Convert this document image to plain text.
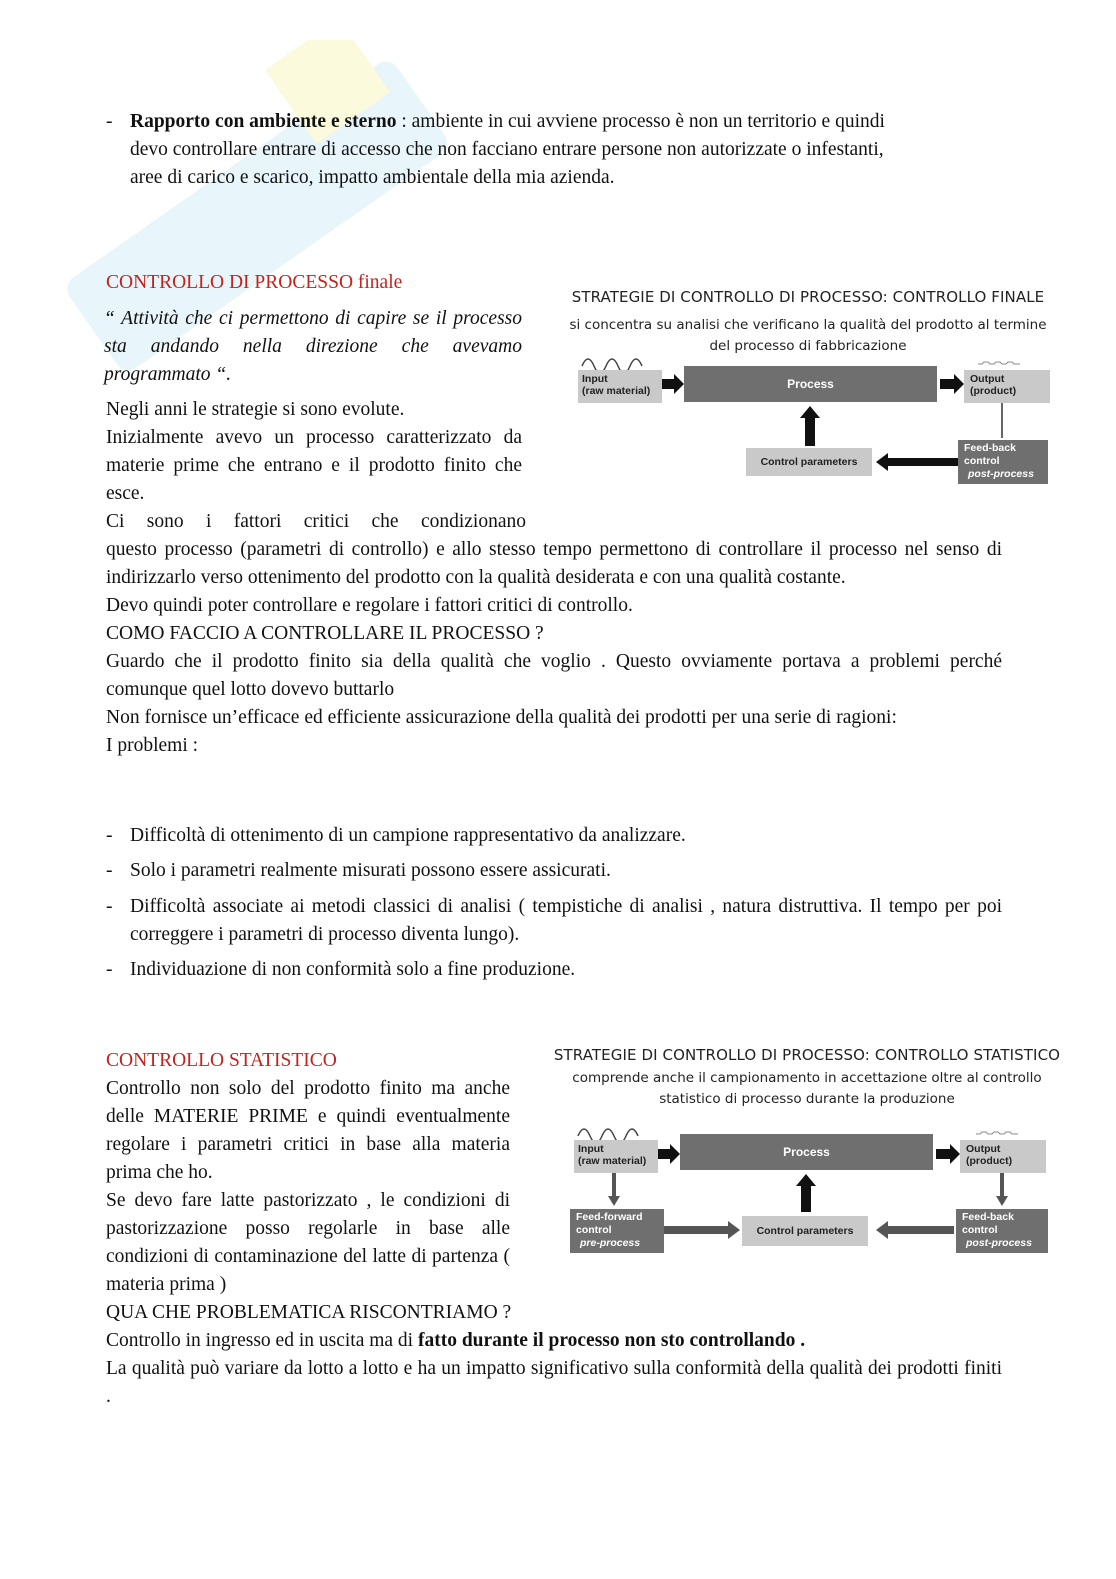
- Rapporto con ambiente e sterno : ambiente in cui avviene processo è non un territorio e quindi
devo controllare entrare di accesso che non facciano entrare persone non autorizzate o infestanti,
aree di carico e scarico, impatto ambientale della mia azienda.
CONTROLLO DI PROCESSO finale
“ Attività che ci permettono di capire se il processo sta andando nella direzione che avevamo programmato “.
Negli anni le strategie si sono evolute.
Inizialmente avevo un processo caratterizzato da materie prime che entrano e il prodotto finito che esce.
Ci sono i fattori critici che condizionano
questo processo (parametri di controllo) e allo stesso tempo permettono di controllare il processo nel senso di indirizzarlo verso ottenimento del prodotto con la qualità desiderata e con una qualità costante.
Devo quindi poter controllare e regolare i fattori critici di controllo.
COMO FACCIO A CONTROLLARE IL PROCESSO ?
Guardo che il prodotto finito sia della qualità che voglio . Questo ovviamente portava a problemi perché comunque quel lotto dovevo buttarlo
Non fornisce un’efficace ed efficiente assicurazione della qualità dei prodotti per una serie di ragioni:
I problemi :
- Difficoltà di ottenimento di un campione rappresentativo da analizzare.
- Solo i parametri realmente misurati possono essere assicurati.
- Difficoltà associate ai metodi classici di analisi ( tempistiche di analisi , natura distruttiva. Il tempo per poi correggere i parametri di processo diventa lungo).
- Individuazione di non conformità solo a fine produzione.
STRATEGIE DI CONTROLLO DI PROCESSO: CONTROLLO FINALE
si concentra su analisi che verificano la qualità del prodotto al termine
del processo di fabbricazione
Input
(raw material)	Process	Output
(product)
Control parameters
Feed-back
control
post-process
CONTROLLO STATISTICO
Controllo non solo del prodotto finito ma anche delle MATERIE PRIME e quindi eventualmente regolare i parametri critici in base alla materia prima che ho.
Se devo fare latte pastorizzato , le condizioni di pastorizzazione posso regolarle in base alle condizioni di contaminazione del latte di partenza ( materia prima )
QUA CHE PROBLEMATICA RISCONTRIAMO ?
Controllo in ingresso ed in uscita ma di fatto durante il processo non sto controllando .
La qualità può variare da lotto a lotto e ha un impatto significativo sulla conformità della qualità dei prodotti finiti .
STRATEGIE DI CONTROLLO DI PROCESSO: CONTROLLO STATISTICO
comprende anche il campionamento in accettazione oltre al controllo
statistico di processo durante la produzione
Input
(raw material)
Process	Output
(product)
Feed-forward
control
pre-process
Control parameters
Feed-back
control
post-process
